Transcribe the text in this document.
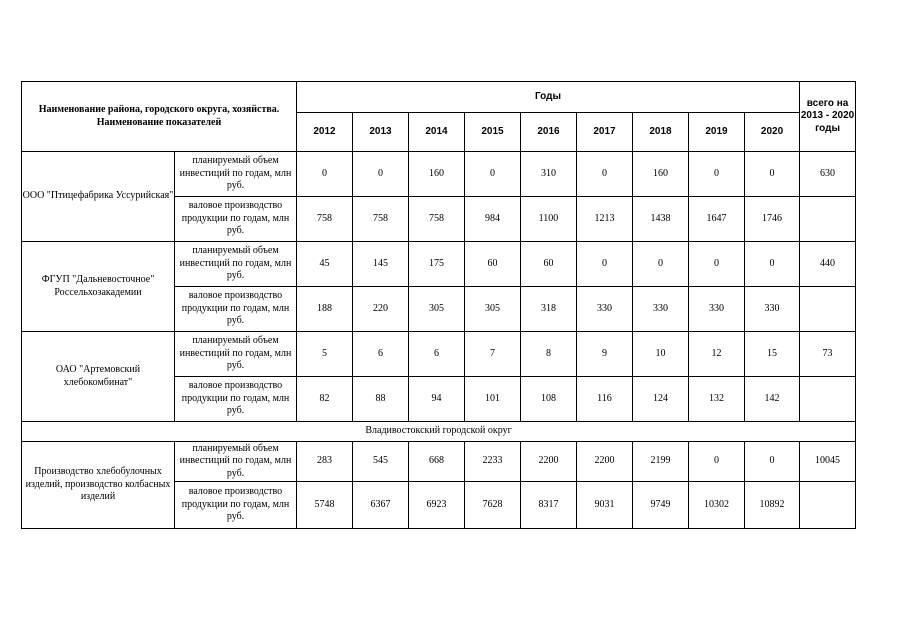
Наименование района, городского округа, хозяйства. Наименование показателей		Годы									всего на 2013 - 2020 годы
		2012	2013	2014	2015	2016	2017	2018	2019	2020	
ООО "Птицефабрика Уссурийская"	планируемый объем инвестиций по годам, млн руб.	0	0	160	0	310	0	160	0	0	630
	валовое производство продукции по годам, млн руб.	758	758	758	984	1100	1213	1438	1647	1746	
ФГУП "Дальневосточное" Россельхозакадемии	планируемый объем инвестиций по годам, млн руб.	45	145	175	60	60	0	0	0	0	440
	валовое производство продукции по годам, млн руб.	188	220	305	305	318	330	330	330	330	
ОАО "Артемовский хлебокомбинат"	планируемый объем инвестиций по годам, млн руб.	5	6	6	7	8	9	10	12	15	73
	валовое производство продукции по годам, млн руб.	82	88	94	101	108	116	124	132	142	
Владивостокский городской округ											
Производство хлебобулочных изделий, производство колбасных изделий	планируемый объем инвестиций по годам, млн руб.	283	545	668	2233	2200	2200	2199	0	0	10045
	валовое производство продукции по годам, млн руб.	5748	6367	6923	7628	8317	9031	9749	10302	10892	
